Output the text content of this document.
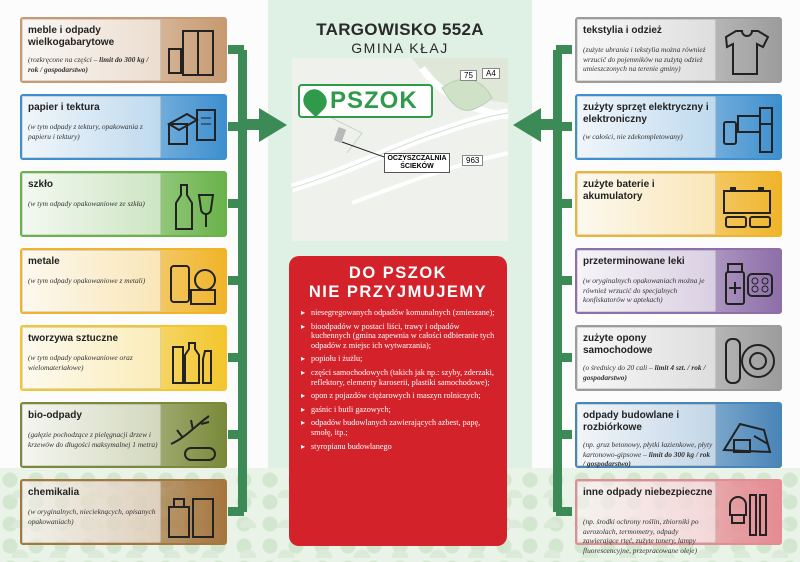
meble i odpady wielkogabarytowe
(rozkręcone na części – limit do 300 kg / rok / gospodarstwo)
papier i tektura
(w tym odpady z tektury, opakowania z papieru i tektury)
szkło
(w tym odpady opakowaniowe ze szkła)
metale
(w tym odpady opakowaniowe z metali)
tworzywa sztuczne
(w tym odpady opakowaniowe oraz wielomateriałowe)
bio-odpady
(gałęzie pochodzące z pielęgnacji drzew i krzewów do długości maksymalnej 1 metra)
chemikalia
(w oryginalnych, niecieknących, opisanych opakowaniach)
tekstylia i odzież
(zużyte ubrania i tekstylia można również wrzucić do pojemników na zużytą odzież umieszczonych na terenie gminy)
zużyty sprzęt elektryczny i elektroniczny
(w całości, nie zdekompletowany)
zużyte baterie i akumulatory
przeterminowane leki
(w oryginalnych opakowaniach można je również wrzucić do specjalnych konfiskatorów w aptekach)
zużyte opony samochodowe
(o średnicy do 20 cali – limit 4 szt. / rok / gospodarstwo)
odpady budowlane i rozbiórkowe
(np. gruz betonowy, płytki łazienkowe, płyty kartonowo-gipsowe – limit do 300 kg / rok / gospodarstwo)
inne odpady niebezpieczne
(np. środki ochrony roślin, zbiorniki po aerozolach, termometry, odpady zawierające rtęć, zużyte tonery, lampy fluorescencyjne, przepracowane oleje)
TARGOWISKO 552A
GMINA KŁAJ
PSZOK
75	A4
963
OCZYSZCZALNIA
ŚCIEKÓW
DO PSZOK
NIE PRZYJMUJEMY
▸ niesegregowanych odpadów komunalnych (zmieszane);
▸ bioodpadów w postaci liści, trawy i odpadów kuchennych (gmina zapewnia w całości odbieranie tych odpadów z miejsc ich wytwarzania);
▸ popiołu i żużlu;
▸ części samochodowych (takich jak np.: szyby, zderzaki, reflektory, elementy karoserii, plastiki samochodowe);
▸ opon z pojazdów ciężarowych i maszyn rolniczych;
▸ gaśnic i butli gazowych;
▸ odpadów budowlanych zawierających azbest, papę, smołę, itp.;
▸ styropianu budowlanego
